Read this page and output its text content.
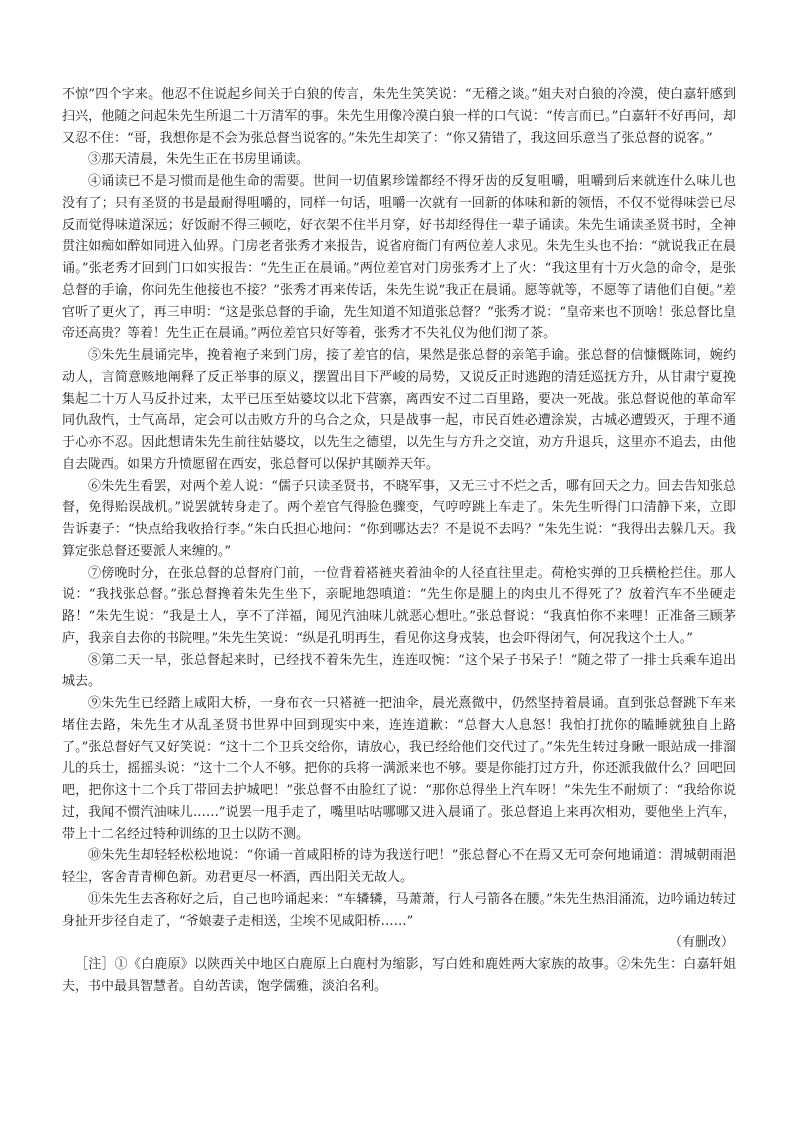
不惊”四个字来。他忍不住说起乡间关于白狼的传言，朱先生笑笑说：“无稽之谈。”姐夫对白狼的冷漠，使白嘉轩感到扫兴，他随之问起朱先生所退二十万清军的事。朱先生用像冷漠白狼一样的口气说：“传言而已。”白嘉轩不好再问，却又忍不住：“哥，我想你是不会为张总督当说客的。”朱先生却笑了：“你又猜错了，我这回乐意当了张总督的说客。”

③那天清晨，朱先生正在书房里诵读。

④诵读已不是习惯而是他生命的需要。世间一切值累珍馐都经不得牙齿的反复咀嚼，咀嚼到后来就连什么味儿也没有了；只有圣贤的书是最耐得咀嚼的，同样一句话，咀嚼一次就有一回新的体味和新的领悟，不仅不觉得味尝已尽反而觉得味道深远；好饭耐不得三顿吃，好衣架不住半月穿，好书却经得住一辈子诵读。朱先生诵读圣贤书时，全神贯注如痴如醉如同进入仙界。门房老者张秀才来报告，说省府衙门有两位差人求见。朱先生头也不抬：“就说我正在晨诵。”张老秀才回到门口如实报告：“先生正在晨诵。”两位差官对门房张秀才上了火：“我这里有十万火急的命令，是张总督的手谕，你问先生他接也不接？”张秀才再来传话，朱先生说“我正在晨诵。愿等就等，不愿等了请他们自便。”差官听了更火了，再三申明：“这是张总督的手谕，先生知道不知道张总督？”张秀才说：“皇帝来也不顶啥！张总督比皇帝还高贵？等着！先生正在晨诵。”两位差官只好等着，张秀才不失礼仪为他们沏了茶。

⑤朱先生晨诵完毕，挽着袍子来到门房，接了差官的信，果然是张总督的亲笔手谕。张总督的信慷慨陈词，婉约动人，言简意赅地阐释了反正举事的原义，摆置出目下严峻的局势，又说反正时逃跑的清廷巡抚方升，从甘肃宁夏挽集起二十万人马反扑过来，太平已压至姑婆坟以北下营寨，离西安不过二百里路，要决一死战。张总督说他的革命军同仇敌忾，士气高昂，定会可以击败方升的乌合之众，只是战事一起，市民百姓必遭涂炭，古城必遭毁灭，于理不通于心亦不忍。因此想请朱先生前往姑婆坟，以先生之德望，以先生与方升之交谊，劝方升退兵，这里亦不追去，由他自去陇西。如果方升愤愿留在西安，张总督可以保护其颐养天年。

⑥朱先生看罢，对两个差人说：“儒子只读圣贤书，不晓军事，又无三寸不烂之舌，哪有回天之力。回去告知张总督，免得贻误战机。”说罢就转身走了。两个差官气得脸色骤变，气哼哼跳上车走了。朱先生听得门口清静下来，立即告诉妻子：“快点给我收拾行李。”朱白氏担心地问：“你到哪达去？不是说不去吗？”朱先生说：“我得出去躲几天。我算定张总督还要派人来缠的。”

⑦傍晚时分，在张总督的总督府门前，一位背着褡裢夹着油伞的人径直往里走。荷枪实弹的卫兵横枪拦住。那人说：“我找张总督。”张总督搀着朱先生坐下，亲昵地怨嗔道：“先生你是腿上的肉虫儿不得死了？放着汽车不坐硬走路！”朱先生说：“我是土人，享不了洋福，闻见汽油味儿就恶心想吐。”张总督说：“我真怕你不来哩！正准备三顾茅庐，我亲自去你的书院哩。”朱先生笑说：“纵是孔明再生，看见你这身戎装，也会吓得闭气，何况我这个土人。”

⑧第二天一早，张总督起来时，已经找不着朱先生，连连叹惋：“这个呆子书呆子！”随之带了一排士兵乘车追出城去。

⑨朱先生已经踏上咸阳大桥，一身布衣一只褡裢一把油伞，晨光熹微中，仍然坚持着晨诵。直到张总督跳下车来堵住去路，朱先生才从乱圣贤书世界中回到现实中来，连连道歉：“总督大人息怒！我怕打扰你的瞌睡就独自上路了。”张总督好气又好笑说：“这十二个卫兵交给你，请放心，我已经给他们交代过了。”朱先生转过身瞅一眼站成一排溜儿的兵士，摇摇头说：“这十二个人不够。把你的兵将一满派来也不够。要是你能打过方升，你还派我做什么？回吧回吧，把你这十二个兵丁带回去护城吧！”张总督不由脸红了说：“那你总得坐上汽车呀！”朱先生不耐烦了：“我给你说过，我闻不惯汽油味儿……”说罢一甩手走了，嘴里咕咕哪哪又进入晨诵了。张总督追上来再次相劝，要他坐上汽车，带上十二名经过特种训练的卫士以防不测。

⑩朱先生却轻轻松松地说：“你诵一首咸阳桥的诗为我送行吧！”张总督心不在焉又无可奈何地诵道：渭城朝雨浥轻尘，客舍青青柳色新。劝君更尽一杯酒，西出阳关无故人。

⑪朱先生去吝称好之后，自己也吟诵起来：“车辚辚，马萧萧，行人弓箭各在腰。”朱先生热泪涌流，边吟诵边转过身扯开步径自走了，“爷娘妻子走相送，尘埃不见咸阳桥……”

（有删改）

［注］①《白鹿原》以陕西关中地区白鹿原上白鹿村为缩影，写白姓和鹿姓两大家族的故事。②朱先生：白嘉轩姐夫，书中最具智慧者。自幼苦读，饱学儒雅，淡泊名利。
